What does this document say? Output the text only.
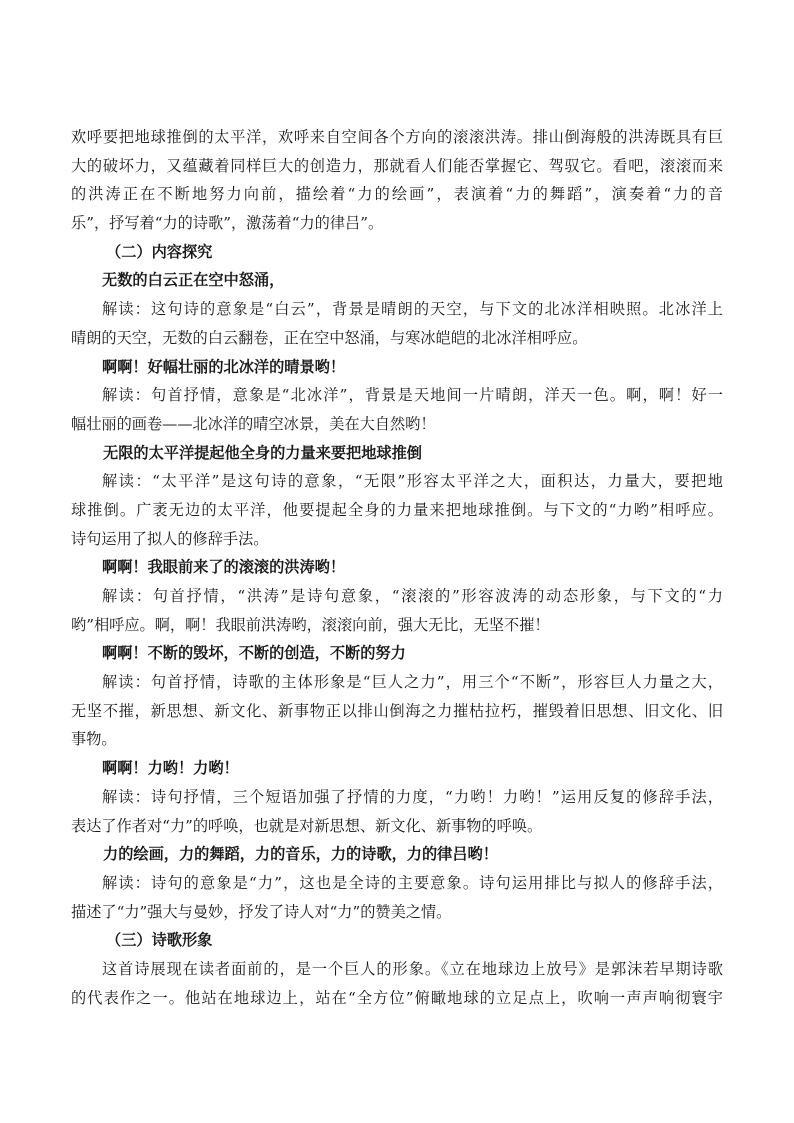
欢呼要把地球推倒的太平洋，欢呼来自空间各个方向的滚滚洪涛。排山倒海般的洪涛既具有巨
大的破坏力，又蕴藏着同样巨大的创造力，那就看人们能否掌握它、驾驭它。看吧，滚滚而来
的洪涛正在不断地努力向前，描绘着“力的绘画”，表演着“力的舞蹈”，演奏着“力的音
乐”，抒写着“力的诗歌”，激荡着“力的律吕”。
（二）内容探究
无数的白云正在空中怒涌，
解读：这句诗的意象是“白云”，背景是晴朗的天空，与下文的北冰洋相映照。北冰洋上
晴朗的天空，无数的白云翻卷，正在空中怒涌，与寒冰皑皑的北冰洋相呼应。
啊啊！好幅壮丽的北冰洋的晴景哟！
解读：句首抒情，意象是“北冰洋”，背景是天地间一片晴朗，洋天一色。啊，啊！好一
幅壮丽的画卷——北冰洋的晴空冰景，美在大自然哟！
无限的太平洋提起他全身的力量来要把地球推倒
解读：“太平洋”是这句诗的意象，“无限”形容太平洋之大，面积达，力量大，要把地
球推倒。广袤无边的太平洋，他要提起全身的力量来把地球推倒。与下文的“力哟”相呼应。
诗句运用了拟人的修辞手法。
啊啊！我眼前来了的滚滚的洪涛哟！
解读：句首抒情，“洪涛”是诗句意象，“滚滚的”形容波涛的动态形象，与下文的“力
哟”相呼应。啊，啊！我眼前洪涛哟，滚滚向前，强大无比，无坚不摧！
啊啊！不断的毁坏，不断的创造，不断的努力
解读：句首抒情，诗歌的主体形象是“巨人之力”，用三个“不断”，形容巨人力量之大，
无坚不摧，新思想、新文化、新事物正以排山倒海之力摧枯拉朽，摧毁着旧思想、旧文化、旧
事物。
啊啊！力哟！力哟！
解读：诗句抒情，三个短语加强了抒情的力度，“力哟！力哟！”运用反复的修辞手法，
表达了作者对“力”的呼唤，也就是对新思想、新文化、新事物的呼唤。
力的绘画，力的舞蹈，力的音乐，力的诗歌，力的律吕哟！
解读：诗句的意象是“力”，这也是全诗的主要意象。诗句运用排比与拟人的修辞手法，
描述了“力”强大与曼妙，抒发了诗人对“力”的赞美之情。
（三）诗歌形象
这首诗展现在读者面前的，是一个巨人的形象。《立在地球边上放号》是郭沫若早期诗歌
的代表作之一。他站在地球边上，站在“全方位”俯瞰地球的立足点上，吹响一声声响彻寰宇
